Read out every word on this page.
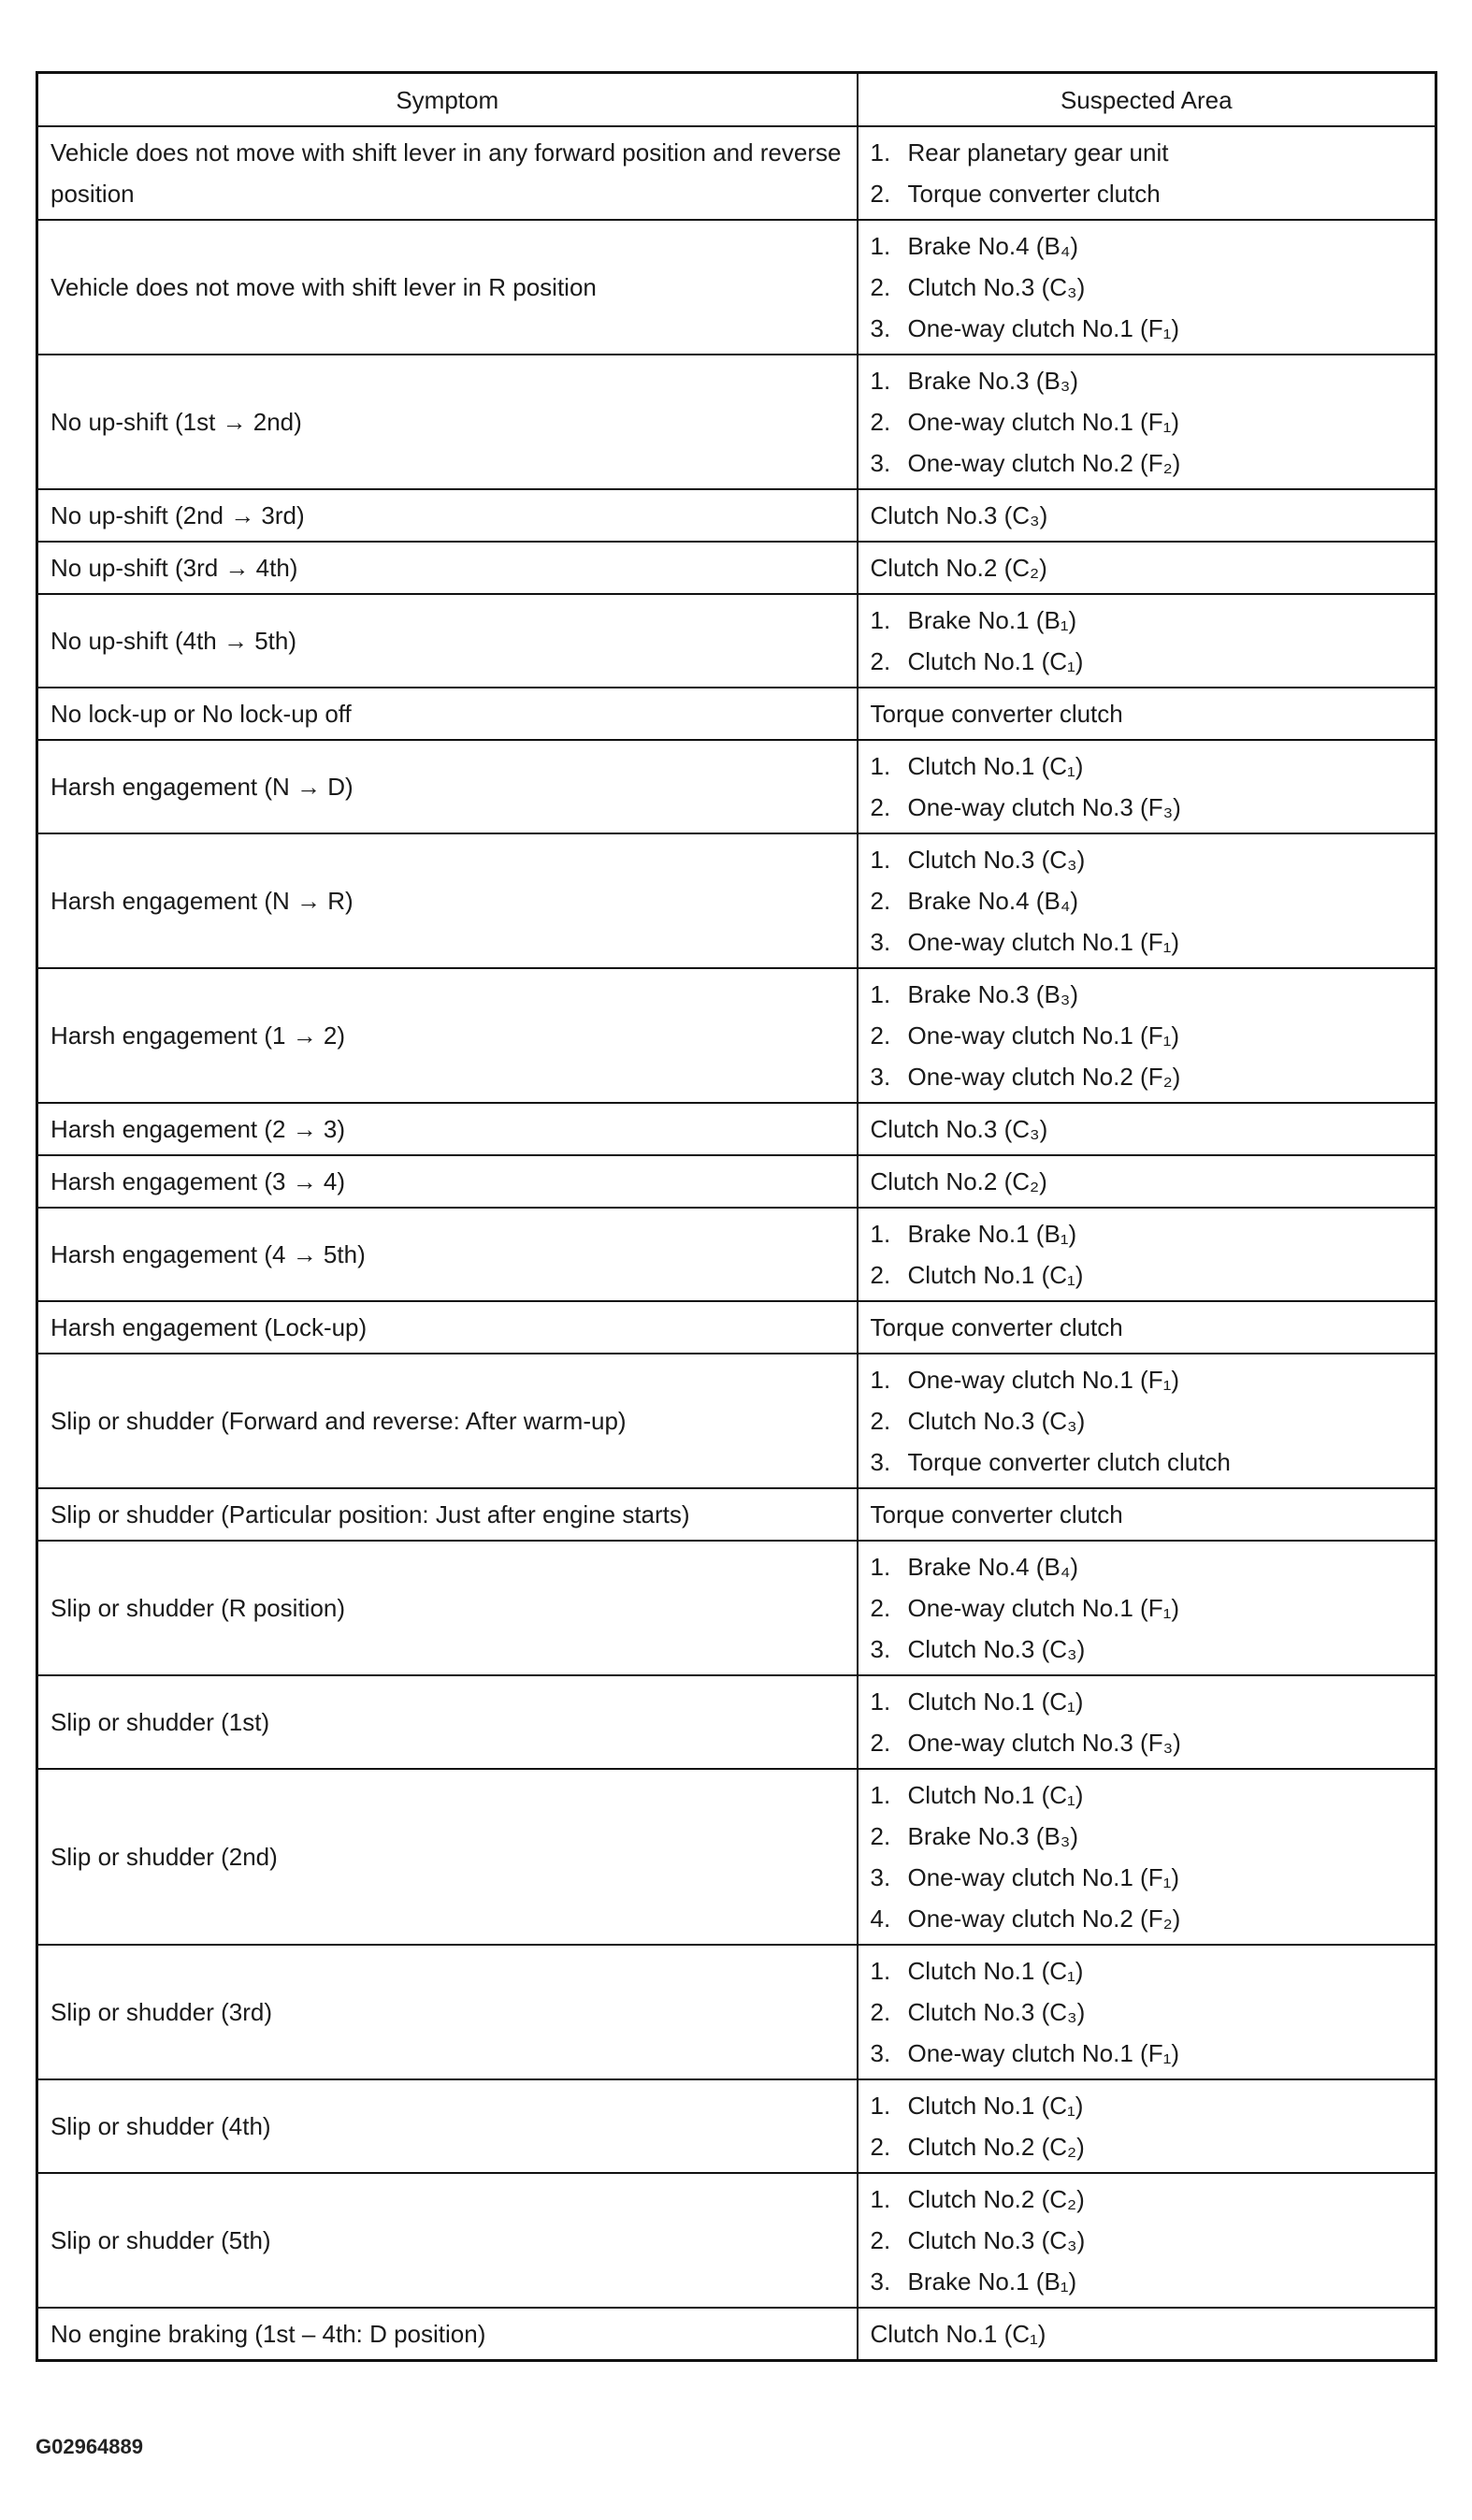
Symptom	Suspected Area
Vehicle does not move with shift lever in any forward position and reverse position	1. Rear planetary gear unit
2. Torque converter clutch

Vehicle does not move with shift lever in R position	1. Brake No.4 (B₄)
2. Clutch No.3 (C₃)
3. One-way clutch No.1 (F₁)

No up-shift (1st → 2nd)	1. Brake No.3 (B₃)
2. One-way clutch No.1 (F₁)
3. One-way clutch No.2 (F₂)

No up-shift (2nd → 3rd)	Clutch No.3 (C₃)

No up-shift (3rd → 4th)	Clutch No.2 (C₂)

No up-shift (4th → 5th)	1. Brake No.1 (B₁)
2. Clutch No.1 (C₁)

No lock-up or No lock-up off	Torque converter clutch

Harsh engagement (N → D)	1. Clutch No.1 (C₁)
2. One-way clutch No.3 (F₃)

Harsh engagement (N → R)	1. Clutch No.3 (C₃)
2. Brake No.4 (B₄)
3. One-way clutch No.1 (F₁)

Harsh engagement (1 → 2)	1. Brake No.3 (B₃)
2. One-way clutch No.1 (F₁)
3. One-way clutch No.2 (F₂)

Harsh engagement (2 → 3)	Clutch No.3 (C₃)

Harsh engagement (3 → 4)	Clutch No.2 (C₂)

Harsh engagement (4 → 5th)	1. Brake No.1 (B₁)
2. Clutch No.1 (C₁)

Harsh engagement (Lock-up)	Torque converter clutch

Slip or shudder (Forward and reverse: After warm-up)	1. One-way clutch No.1 (F₁)
2. Clutch No.3 (C₃)
3. Torque converter clutch clutch

Slip or shudder (Particular position: Just after engine starts)	Torque converter clutch

Slip or shudder (R position)	1. Brake No.4 (B₄)
2. One-way clutch No.1 (F₁)
3. Clutch No.3 (C₃)

Slip or shudder (1st)	1. Clutch No.1 (C₁)
2. One-way clutch No.3 (F₃)

Slip or shudder (2nd)	1. Clutch No.1 (C₁)
2. Brake No.3 (B₃)
3. One-way clutch No.1 (F₁)
4. One-way clutch No.2 (F₂)

Slip or shudder (3rd)	1. Clutch No.1 (C₁)
2. Clutch No.3 (C₃)
3. One-way clutch No.1 (F₁)

Slip or shudder (4th)	1. Clutch No.1 (C₁)
2. Clutch No.2 (C₂)

Slip or shudder (5th)	1. Clutch No.2 (C₂)
2. Clutch No.3 (C₃)
3. Brake No.1 (B₁)

No engine braking (1st – 4th: D position)	Clutch No.1 (C₁)
G02964889
